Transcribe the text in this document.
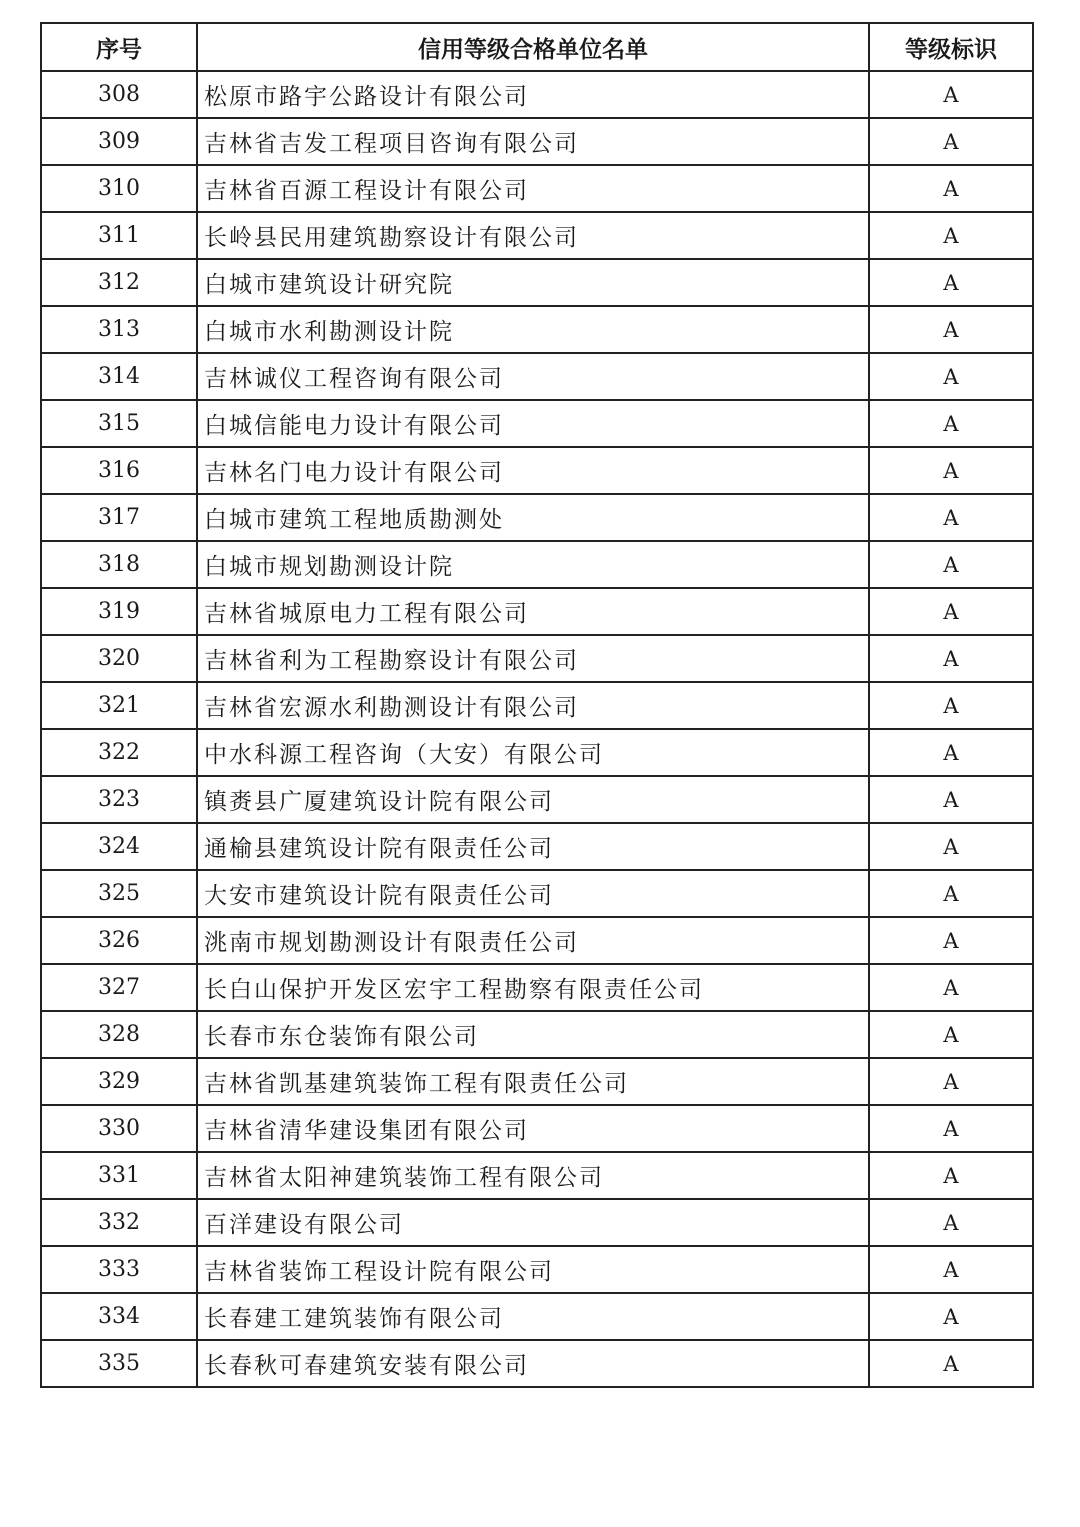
序号	信用等级合格单位名单	等级标识
308	松原市路宇公路设计有限公司	A
309	吉林省吉发工程项目咨询有限公司	A
310	吉林省百源工程设计有限公司	A
311	长岭县民用建筑勘察设计有限公司	A
312	白城市建筑设计研究院	A
313	白城市水利勘测设计院	A
314	吉林诚仪工程咨询有限公司	A
315	白城信能电力设计有限公司	A
316	吉林名门电力设计有限公司	A
317	白城市建筑工程地质勘测处	A
318	白城市规划勘测设计院	A
319	吉林省城原电力工程有限公司	A
320	吉林省利为工程勘察设计有限公司	A
321	吉林省宏源水利勘测设计有限公司	A
322	中水科源工程咨询（大安）有限公司	A
323	镇赉县广厦建筑设计院有限公司	A
324	通榆县建筑设计院有限责任公司	A
325	大安市建筑设计院有限责任公司	A
326	洮南市规划勘测设计有限责任公司	A
327	长白山保护开发区宏宇工程勘察有限责任公司	A
328	长春市东仓装饰有限公司	A
329	吉林省凯基建筑装饰工程有限责任公司	A
330	吉林省清华建设集团有限公司	A
331	吉林省太阳神建筑装饰工程有限公司	A
332	百洋建设有限公司	A
333	吉林省装饰工程设计院有限公司	A
334	长春建工建筑装饰有限公司	A
335	长春秋可春建筑安装有限公司	A
